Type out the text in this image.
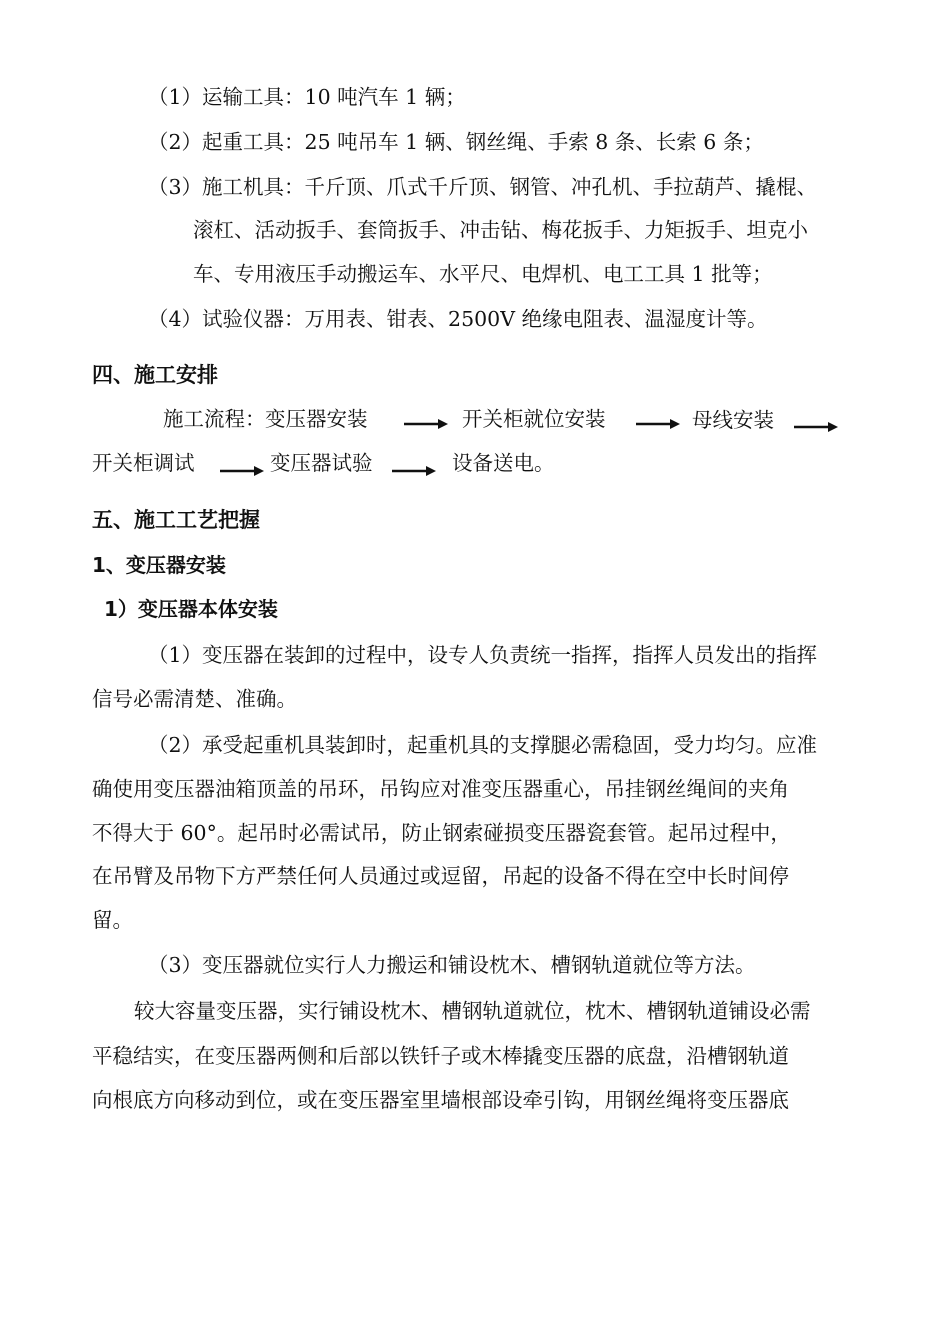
（1）运输工具：10 吨汽车 1 辆；
（2）起重工具：25 吨吊车 1 辆、钢丝绳、手索 8 条、长索 6 条；
（3）施工机具：千斤顶、爪式千斤顶、钢管、冲孔机、手拉葫芦、撬棍、
滚杠、活动扳手、套筒扳手、冲击钻、梅花扳手、力矩扳手、坦克小
车、专用液压手动搬运车、水平尺、电焊机、电工工具 1 批等；
（4）试验仪器：万用表、钳表、2500V 绝缘电阻表、温湿度计等。
四、施工安排
施工流程： 变压器安装	开关柜就位安装	母线安装
开关柜调试	变压器试验	设备送电。
五、施工工艺把握
1、变压器安装
1）变压器本体安装
（1）变压器在装卸的过程中，设专人负责统一指挥，指挥人员发出的指挥
信号必需清楚、准确。
（2）承受起重机具装卸时，起重机具的支撑腿必需稳固，受力均匀。应准
确使用变压器油箱顶盖的吊环，吊钩应对准变压器重心，吊挂钢丝绳间的夹角
不得大于 60°。起吊时必需试吊，防止钢索碰损变压器瓷套管。起吊过程中，
在吊臂及吊物下方严禁任何人员通过或逗留，吊起的设备不得在空中长时间停
留。
（3）变压器就位实行人力搬运和铺设枕木、槽钢轨道就位等方法。
较大容量变压器，实行铺设枕木、槽钢轨道就位，枕木、槽钢轨道铺设必需
平稳结实，在变压器两侧和后部以铁钎子或木棒撬变压器的底盘，沿槽钢轨道
向根底方向移动到位，或在变压器室里墙根部设牵引钩，用钢丝绳将变压器底
